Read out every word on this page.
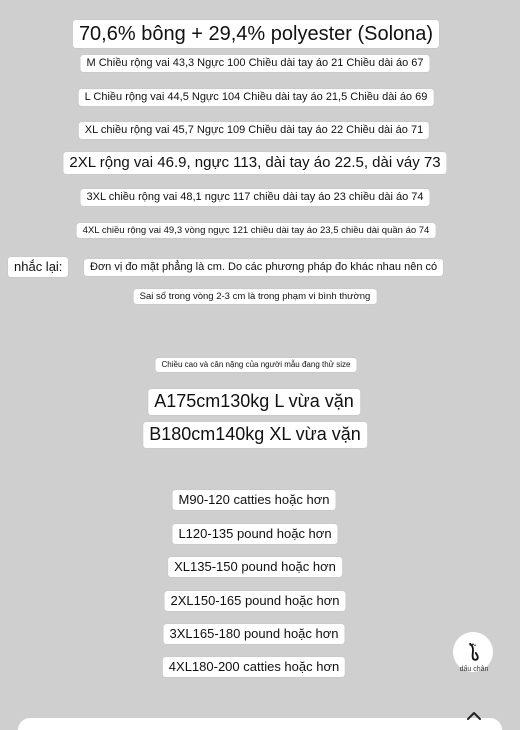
70,6% bông + 29,4% polyester (Solona)
M Chiều rộng vai 43,3 Ngực 100 Chiều dài tay áo 21 Chiều dài áo 67
L Chiều rộng vai 44,5 Ngực 104 Chiều dài tay áo 21,5 Chiều dài áo 69
XL chiều rộng vai 45,7 Ngực 109 Chiều dài tay áo 22 Chiều dài áo 71
2XL rộng vai 46.9, ngực 113, dài tay áo 22.5, dài váy 73
3XL chiều rộng vai 48,1 ngực 117 chiều dài tay áo 23 chiều dài áo 74
4XL chiều rộng vai 49,3 vòng ngực 121 chiều dài tay áo 23,5 chiều dài quần áo 74
nhắc lại:	Đơn vị đo mặt phẳng là cm. Do các phương pháp đo khác nhau nên có
Sai số trong vòng 2-3 cm là trong phạm vi bình thường
Chiều cao và cân nặng của người mẫu đang thử size
A175cm130kg L vừa vặn
B180cm140kg XL vừa vặn
M90-120 catties hoặc hơn
L120-135 pound hoặc hơn
XL135-150 pound hoặc hơn
2XL150-165 pound hoặc hơn
3XL165-180 pound hoặc hơn
4XL180-200 catties hoặc hơn	dấu chân
